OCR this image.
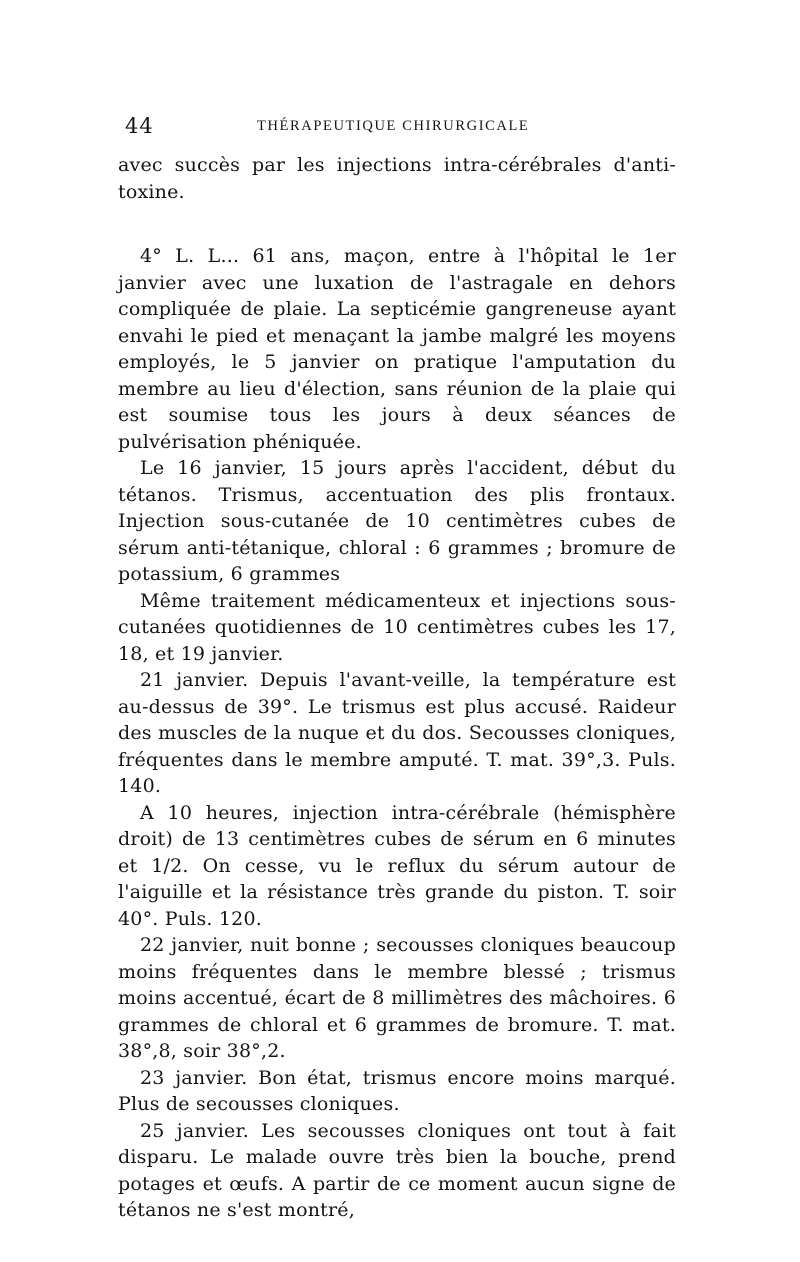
44	THÉRAPEUTIQUE CHIRURGICALE

avec succès par les injections intra-cérébrales d'anti-toxine.

4° L. L... 61 ans, maçon, entre à l'hôpital le 1er janvier avec une luxation de l'astragale en dehors compliquée de plaie. La septicémie gangreneuse ayant envahi le pied et menaçant la jambe malgré les moyens employés, le 5 janvier on pratique l'amputation du membre au lieu d'élection, sans réunion de la plaie qui est soumise tous les jours à deux séances de pulvérisation phéniquée.

Le 16 janvier, 15 jours après l'accident, début du tétanos. Trismus, accentuation des plis frontaux. Injection sous-cutanée de 10 centimètres cubes de sérum anti-tétanique, chloral : 6 grammes ; bromure de potassium, 6 grammes

Même traitement médicamenteux et injections sous-cutanées quotidiennes de 10 centimètres cubes les 17, 18, et 19 janvier.

21 janvier. Depuis l'avant-veille, la température est au-dessus de 39°. Le trismus est plus accusé. Raideur des muscles de la nuque et du dos. Secousses cloniques, fréquentes dans le membre amputé. T. mat. 39°,3. Puls. 140.

A 10 heures, injection intra-cérébrale (hémisphère droit) de 13 centimètres cubes de sérum en 6 minutes et 1/2. On cesse, vu le reflux du sérum autour de l'aiguille et la résistance très grande du piston. T. soir 40°. Puls. 120.

22 janvier, nuit bonne ; secousses cloniques beaucoup moins fréquentes dans le membre blessé ; trismus moins accentué, écart de 8 millimètres des mâchoires. 6 grammes de chloral et 6 grammes de bromure. T. mat. 38°,8, soir 38°,2.

23 janvier. Bon état, trismus encore moins marqué. Plus de secousses cloniques.

25 janvier. Les secousses cloniques ont tout à fait disparu. Le malade ouvre très bien la bouche, prend potages et œufs. A partir de ce moment aucun signe de tétanos ne s'est montré,
